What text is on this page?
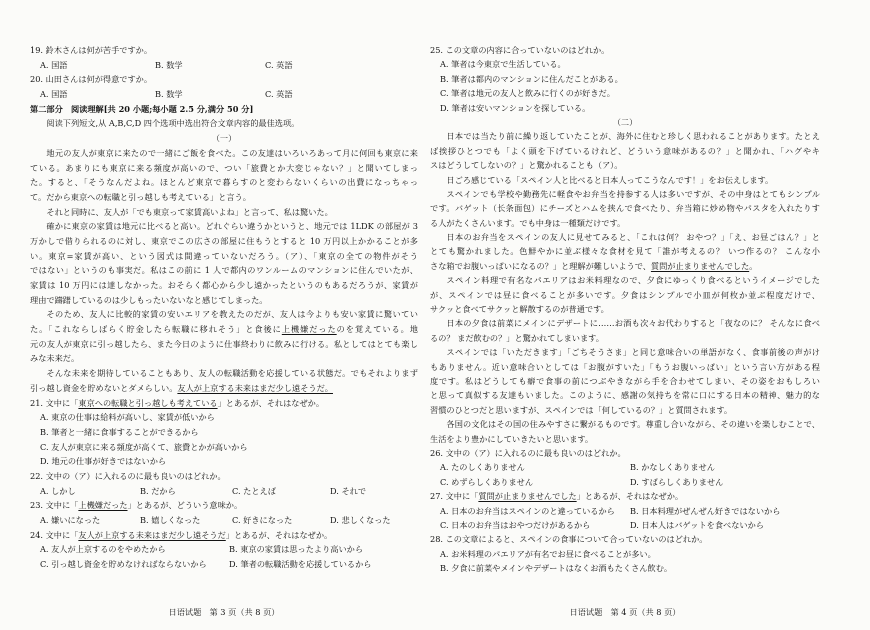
19. 鈴木さんは何が苦手ですか。
A. 国語	B. 数学	C. 英語
20. 山田さんは何が得意ですか。
A. 国語	B. 数学	C. 英語
第二部分　阅读理解[共 20 小题;每小题 2.5 分,满分 50 分]
阅读下列短文,从 A,B,C,D 四个选项中选出符合文章内容的最佳选项。
（一）
地元の友人が東京に来たので一緒にご飯を食べた。この友達はいろいろあって月に何回も東京に来
ている。あまりにも東京に来る頻度が高いので、つい「旅費とか大変じゃない？」と聞いてしまっ
た。すると、「そうなんだよね。ほとんど東京で暮らすのと変わらないくらいの出費になっちゃっ
て。だから東京への転職と引っ越しも考えている」と言う。
それと同時に、友人が「でも東京って家賃高いよね」と言って、私は驚いた。
確かに東京の家賃は地元に比べると高い。どれぐらい違うかというと、地元では 1LDK の部屋が 3
万かしで借りられるのに対し、東京でこの広さの部屋に住もうとすると 10 万円以上かかることが多
い。東京=家賃が高い、という図式は間違っていないだろう。（ア）、「東京の全ての物件がそう
ではない」というのも事実だ。私はこの前に 1 人で都内のワンルームのマンションに住んでいたが、
家賃は 10 万円には達しなかった。おそらく都心から少し遠かったというのもあるだろうが、家賃が
理由で躊躇しているのは少しもったいないなと感じてしまった。
そのため、友人に比較的家賃の安いエリアを教えたのだが、友人は今よりも安い家賃に驚いてい
た。「これならしばらく貯金したら転職に移れそう」と食後に上機嫌だったのを覚えている。地
元の友人が東京に引っ越したら、また今日のように仕事終わりに飲みに行ける。私としてはとても楽し
みな未来だ。
そんな未来を期待していることもあり、友人の転職活動を応援している状態だ。でもそれよりまず
引っ越し資金を貯めないとダメらしい。友人が上京する未来はまだ少し遠そうだ。
21. 文中に「東京への転職と引っ越しも考えている」とあるが、それはなぜか。
A. 東京の仕事は給料が高いし、家賃が低いから
B. 筆者と一緒に食事することができるから
C. 友人が東京に来る頻度が高くて、旅費とかが高いから
D. 地元の仕事が好きではないから
22. 文中の（ア）に入れるのに最も良いのはどれか。
A. しかし	B. だから	C. たとえば	D. それで
23. 文中に「上機嫌だった」とあるが、どういう意味か。
A. 嫌いになった	B. 嬉しくなった	C. 好きになった	D. 悲しくなった
24. 文中に「友人が上京する未来はまだ少し遠そうだ」とあるが、それはなぜか。
A. 友人が上京するのをやめたから	B. 東京の家賃は思ったより高いから
C. 引っ越し資金を貯めなければならないから	D. 筆者の転職活動を応援しているから
日语试题　第 3 页（共 8 页）
25. この文章の内容に合っていないのはどれか。
A. 筆者は今東京で生活している。
B. 筆者は都内のマンションに住んだことがある。
C. 筆者は地元の友人と飲みに行くのが好きだ。
D. 筆者は安いマンションを探している。
（二）
日本では当たり前に繰り返していたことが、海外に住むと珍しく思われることがあります。たとえ
ば挨拶ひとつでも「よく頭を下げているけれど、どういう意味があるの？」と聞かれ、「ハグやキ
スはどうしてしないの？」と驚かれることも（ア）。
日ごろ感じている「スペイン人と比べると日本人ってこうなんです！」をお伝えします。
スペインでも学校や勤務先に軽食やお弁当を持参する人は多いですが、その中身はとてもシンプル
です。バゲット（长条面包）にチーズとハムを挟んで食べたり、弁当箱に炒め物やパスタを入れたりす
る人がたくさんいます。でも中身は一種類だけです。
日本のお弁当をスペインの友人に見せてみると、「これは何？ おやつ？」「え、お昼ごはん？」と
とても驚かれました。色鮮やかに並ぶ様々な食材を見て「誰が考えるの？ いつ作るの？ こんな小
さな箱でお腹いっぱいになるの？」と理解が難しいようで、質問が止まりませんでした。
スペイン料理で有名なパエリアはお米料理なので、夕食にゆっくり食べるというイメージでした
が、スペインでは昼に食べることが多いです。夕食はシンプルで小皿が何枚か並ぶ程度だけで、
サクッと食べてサクッと解散するのが普通です。
日本の夕食は前菜にメインにデザートに……お酒も次々お代わりすると「夜なのに？ そんなに食べ
るの？ まだ飲むの？」と驚かれてしまいます。
スペインでは「いただきます」「ごちそうさま」と同じ意味合いの単語がなく、食事前後の声がけ
もありません。近い意味合いとしては「お腹がすいた」「もうお腹いっぱい」という言い方がある程
度です。私はどうしても癖で食事の前につぶやきながら手を合わせてしまい、その姿をおもしろい
と思って真似する友達もいました。このように、感謝の気持ちを常に口にする日本の精神、魅力的な
習慣のひとつだと思いますが、スペインでは「何しているの？」と質問されます。
各国の文化はその国の住みやすさに繋がるものです。尊重し合いながら、その違いを楽しむことで、
生活をより豊かにしていきたいと思います。
26. 文中の（ア）に入れるのに最も良いのはどれか。
A. たのしくありません	B. かなしくありません
C. めずらしくありません	D. すばらしくありません
27. 文中に「質問が止まりませんでした」とあるが、それはなぜか。
A. 日本のお弁当はスペインのと違っているから	B. 日本料理がぜんぜん好きではないから
C. 日本のお弁当はおやつだけがあるから	D. 日本人はバゲットを食べないから
28. この文章によると、スペインの食事について合っていないのはどれか。
A. お米料理のパエリアが有名でお昼に食べることが多い。
B. 夕食に前菜やメインやデザートはなくお酒もたくさん飲む。
日语试题　第 4 页（共 8 页）
